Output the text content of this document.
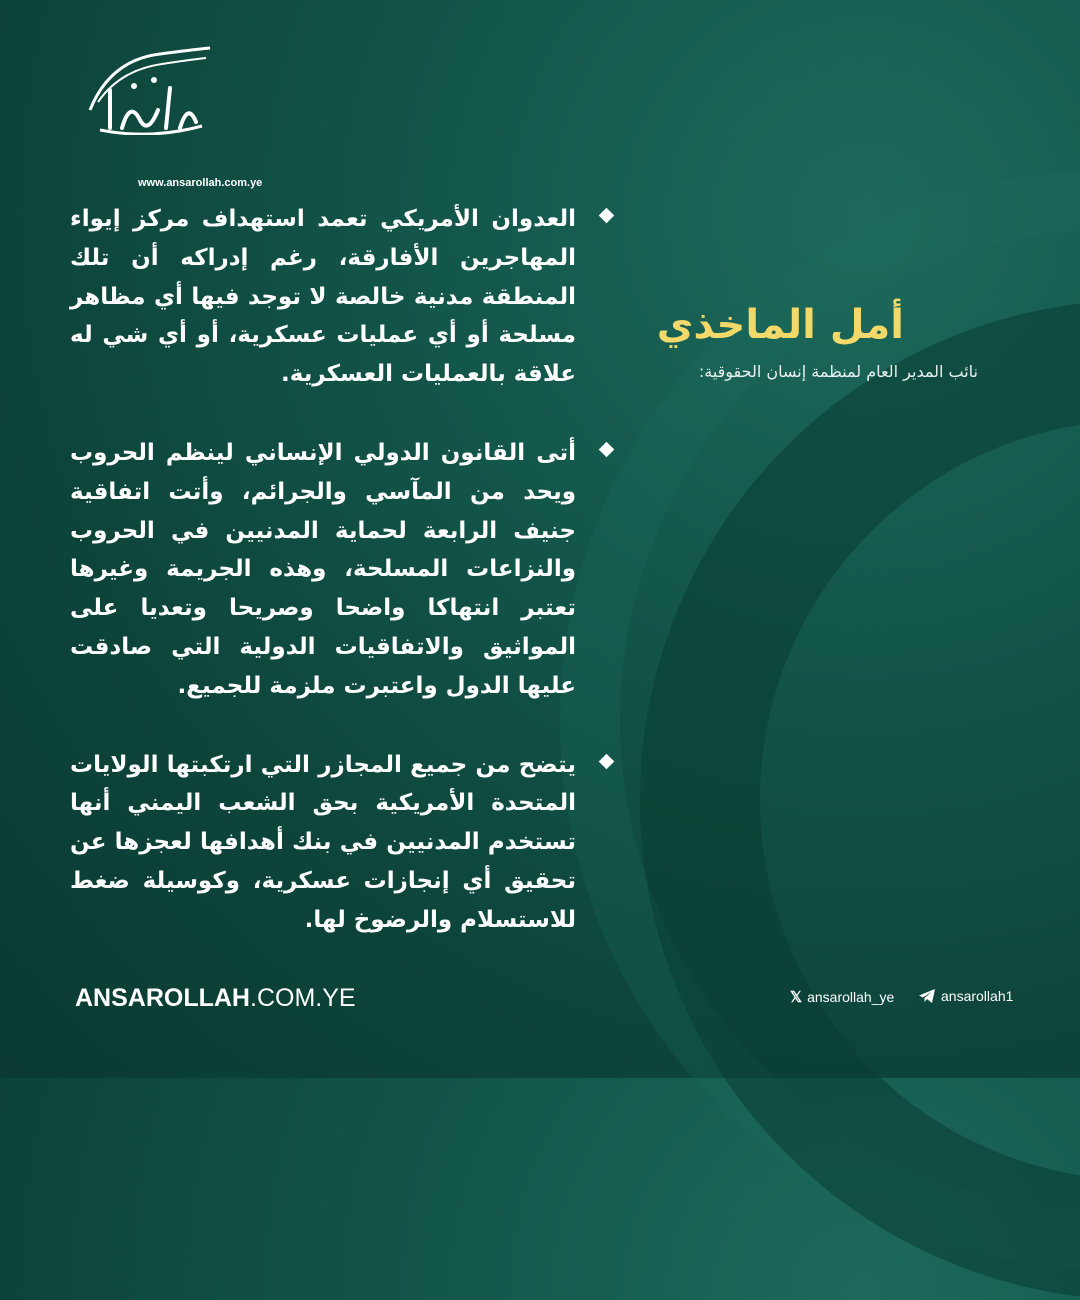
www.ansarollah.com.ye
أمل الماخذي
نائب المدير العام لمنظمة إنسان الحقوقية:
العدوان الأمريكي تعمد استهداف مركز إيواء المهاجرين الأفارقة، رغم إدراكه أن تلك المنطقة مدنية خالصة لا توجد فيها أي مظاهر مسلحة أو أي عمليات عسكرية، أو أي شي له علاقة بالعمليات العسكرية.
أتى القانون الدولي الإنساني لينظم الحروب ويحد من المآسي والجرائم، وأتت اتفاقية جنيف الرابعة لحماية المدنيين في الحروب والنزاعات المسلحة، وهذه الجريمة وغيرها تعتبر انتهاكا واضحا وصريحا وتعديا على المواثيق والاتفاقيات الدولية التي صادقت عليها الدول واعتبرت ملزمة للجميع.
يتضح من جميع المجازر التي ارتكبتها الولايات المتحدة الأمريكية بحق الشعب اليمني أنها تستخدم المدنيين في بنك أهدافها لعجزها عن تحقيق أي إنجازات عسكرية، وكوسيلة ضغط للاستسلام والرضوخ لها.
ANSAROLLAH.COM.YE	𝕏 ansarollah_ye	ansarollah1
